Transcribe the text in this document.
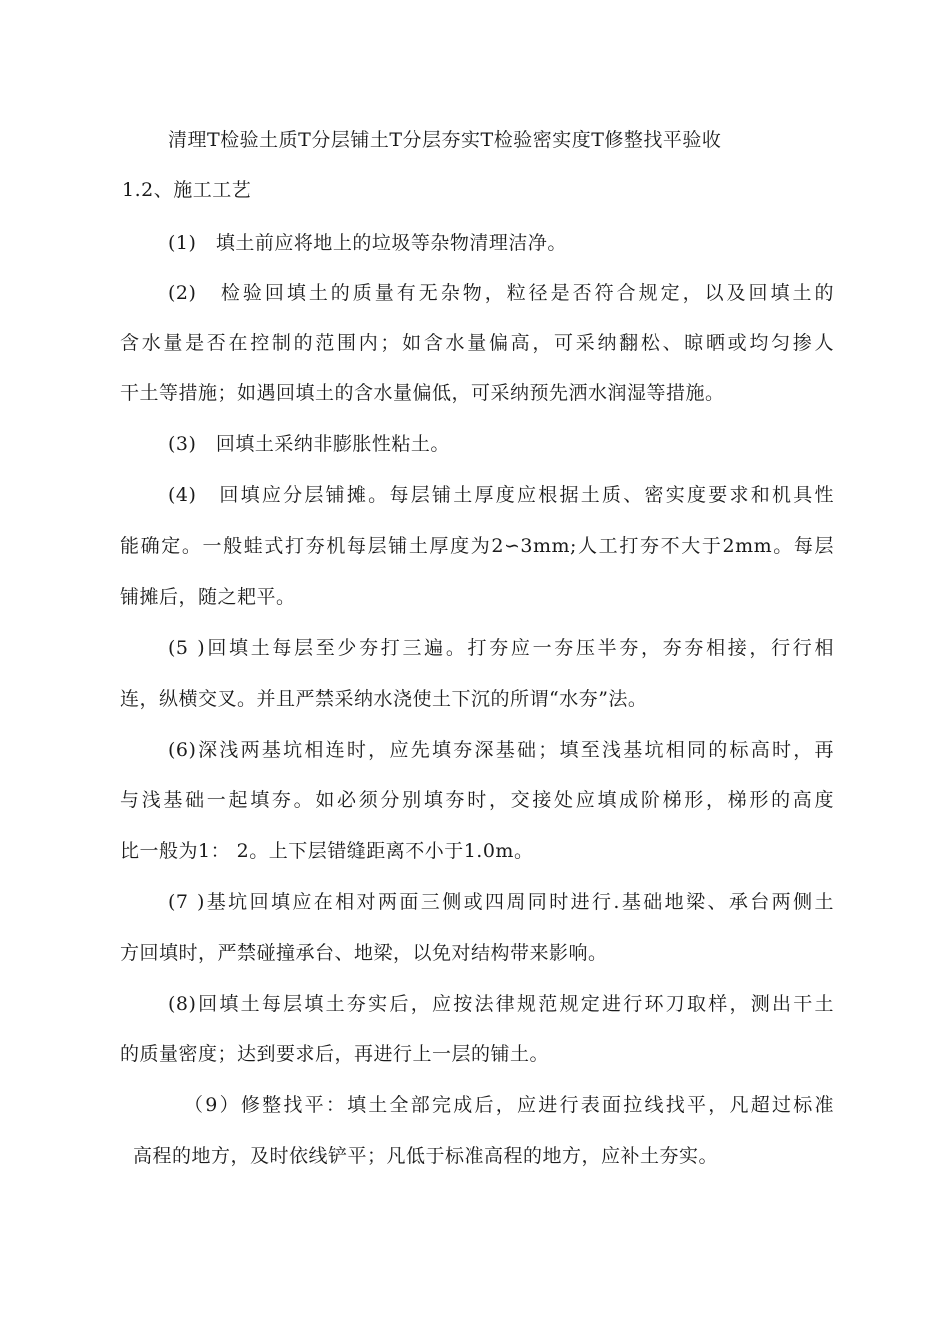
清理T检验土质T分层铺土T分层夯实T检验密实度T修整找平验收
1.2、施工工艺
(1)　填土前应将地上的垃圾等杂物清理洁净。
(2)　检验回填土的质量有无杂物，粒径是否符合规定，以及回填土的
含水量是否在控制的范围内；如含水量偏高，可采纳翻松、晾晒或均匀掺人
干土等措施；如遇回填土的含水量偏低，可采纳预先洒水润湿等措施。
(3)　回填土采纳非膨胀性粘土。
(4)　回填应分层铺摊。每层铺土厚度应根据土质、密实度要求和机具性
能确定。一般蛙式打夯机每层铺土厚度为2∽3mm;人工打夯不大于2mm。每层
铺摊后，随之耙平。
(5 )回填土每层至少夯打三遍。打夯应一夯压半夯，夯夯相接，行行相
连，纵横交叉。并且严禁采纳水浇使土下沉的所谓“水夯”法。
(6)深浅两基坑相连时，应先填夯深基础；填至浅基坑相同的标高时，再
与浅基础一起填夯。如必须分别填夯时，交接处应填成阶梯形，梯形的高度
比一般为1： 2。上下层错缝距离不小于1.0m。
(7 )基坑回填应在相对两面三侧或四周同时进行.基础地梁、承台两侧土
方回填时，严禁碰撞承台、地梁，以免对结构带来影响。
(8)回填土每层填土夯实后，应按法律规范规定进行环刀取样，测出干土
的质量密度；达到要求后，再进行上一层的铺土。
（9）修整找平：填土全部完成后，应进行表面拉线找平，凡超过标准
高程的地方，及时依线铲平；凡低于标准高程的地方，应补土夯实。
